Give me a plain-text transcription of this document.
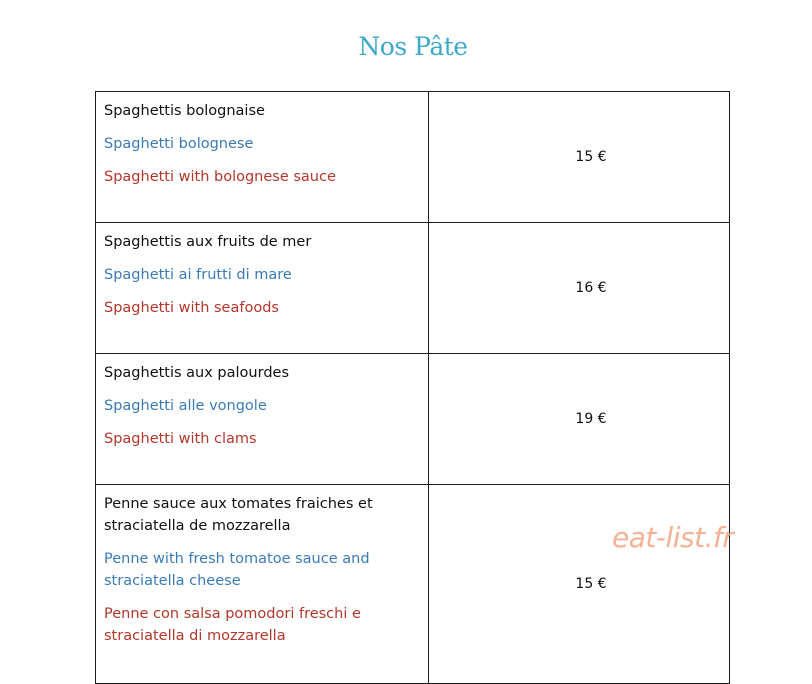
Nos Pâte
Spaghettis bolognaise
Spaghetti bolognese
Spaghetti with bolognese sauce	15 €

Spaghettis aux fruits de mer
Spaghetti ai frutti di mare
Spaghetti with seafoods	16 €

Spaghettis aux palourdes
Spaghetti alle vongole
Spaghetti with clams	19 €

Penne sauce aux tomates fraiches et straciatella de mozzarella
Penne with fresh tomatoe sauce and straciatella cheese
Penne con salsa pomodori freschi e straciatella di mozzarella	15 €
eat-list.fr
